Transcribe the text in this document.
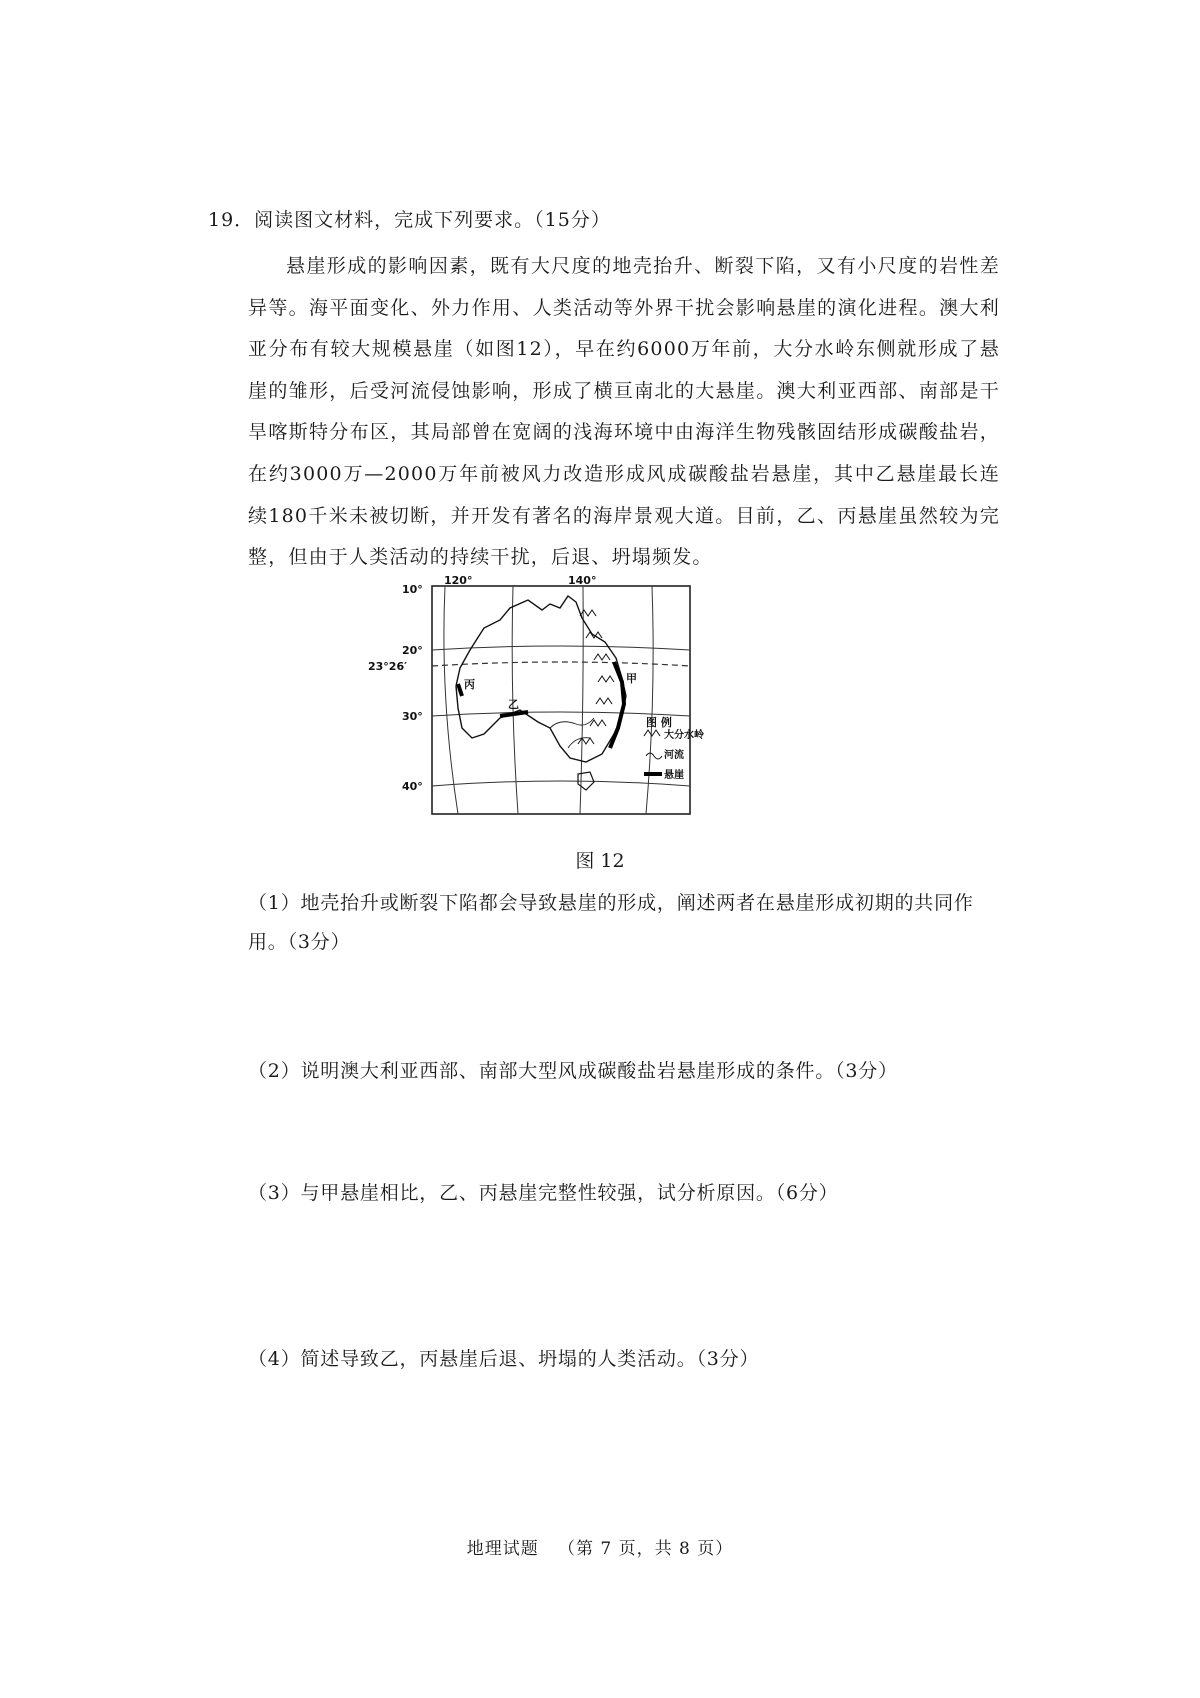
19．阅读图文材料，完成下列要求。（15分）

悬崖形成的影响因素，既有大尺度的地壳抬升、断裂下陷，又有小尺度的岩性差异等。海平面变化、外力作用、人类活动等外界干扰会影响悬崖的演化进程。澳大利亚分布有较大规模悬崖（如图12），早在约6000万年前，大分水岭东侧就形成了悬崖的雏形，后受河流侵蚀影响，形成了横亘南北的大悬崖。澳大利亚西部、南部是干旱喀斯特分布区，其局部曾在宽阔的浅海环境中由海洋生物残骸固结形成碳酸盐岩，在约3000万—2000万年前被风力改造形成风成碳酸盐岩悬崖，其中乙悬崖最长连续180千米未被切断，并开发有著名的海岸景观大道。目前，乙、丙悬崖虽然较为完整，但由于人类活动的持续干扰，后退、坍塌频发。

10°
20°
23°26′
30°
40°
120°	140°
甲
乙
丙
图 例
大分水岭
河流
悬崖
图 12
（1）地壳抬升或断裂下陷都会导致悬崖的形成，阐述两者在悬崖形成初期的共同作用。（3分）
（2）说明澳大利亚西部、南部大型风成碳酸盐岩悬崖形成的条件。（3分）
（3）与甲悬崖相比，乙、丙悬崖完整性较强，试分析原因。（6分）
（4）简述导致乙，丙悬崖后退、坍塌的人类活动。（3分）
地理试题 （第 7 页，共 8 页）
